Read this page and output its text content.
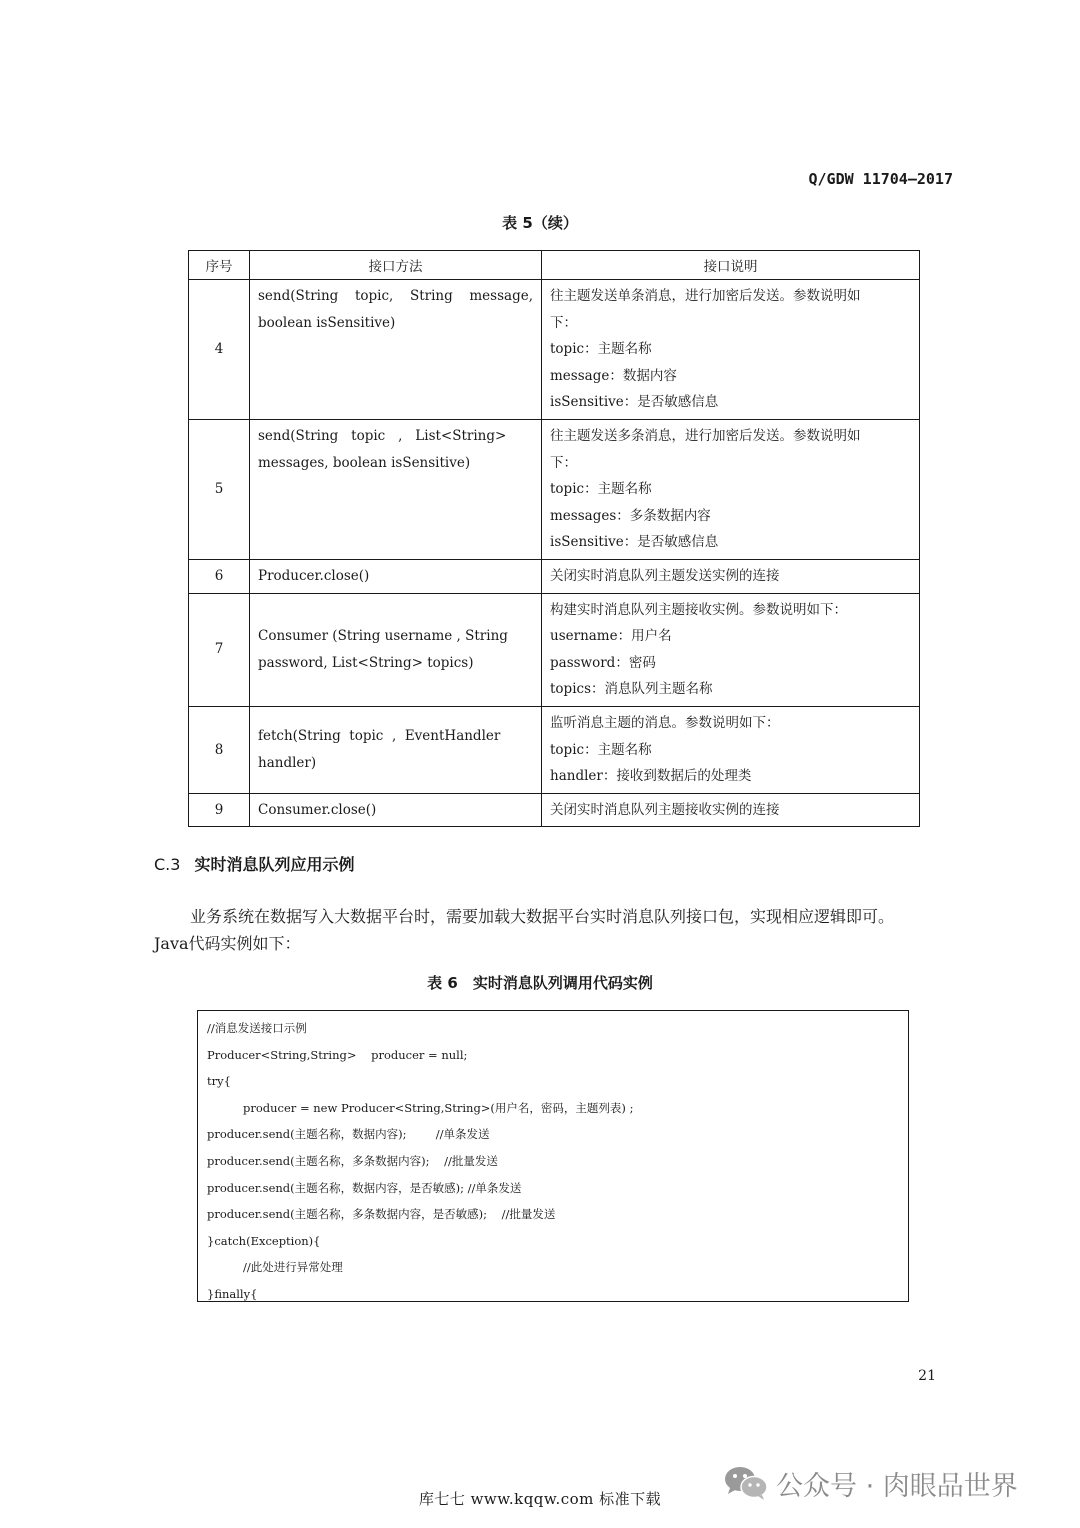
Q/GDW 11704—2017
表 5（续）
序号	接口方法	接口说明
4	send(String topic, String message,
boolean isSensitive)	往主题发送单条消息，进行加密后发送。参数说明如
下：
topic：主题名称
message：数据内容
isSensitive：是否敏感信息

5	send(String   topic   ,   List<String>
messages, boolean isSensitive)	往主题发送多条消息，进行加密后发送。参数说明如
下：
topic：主题名称
messages：多条数据内容
isSensitive：是否敏感信息

6	Producer.close()	关闭实时消息队列主题发送实例的连接

7	Consumer (String username , String
password, List<String> topics)	构建实时消息队列主题接收实例。参数说明如下：
username：用户名
password：密码
topics：消息队列主题名称

8	fetch(String  topic  ,  EventHandler
handler)	监听消息主题的消息。参数说明如下：
topic：主题名称
handler：接收到数据后的处理类

9	Consumer.close()	关闭实时消息队列主题接收实例的连接
C.3 实时消息队列应用示例
业务系统在数据写入大数据平台时，需要加载大数据平台实时消息队列接口包，实现相应逻辑即可。
Java代码实例如下：
表 6　实时消息队列调用代码实例
//消息发送接口示例
Producer<String,String>    producer = null;
try{
producer = new Producer<String,String>(用户名，密码，主题列表) ;
producer.send(主题名称，数据内容);        //单条发送
producer.send(主题名称，多条数据内容);    //批量发送
producer.send(主题名称，数据内容，是否敏感); //单条发送
producer.send(主题名称，多条数据内容，是否敏感);    //批量发送
}catch(Exception){
//此处进行异常处理
}finally{
21
库七七 www.kqqw.com 标准下载	公众号 · 肉眼品世界
